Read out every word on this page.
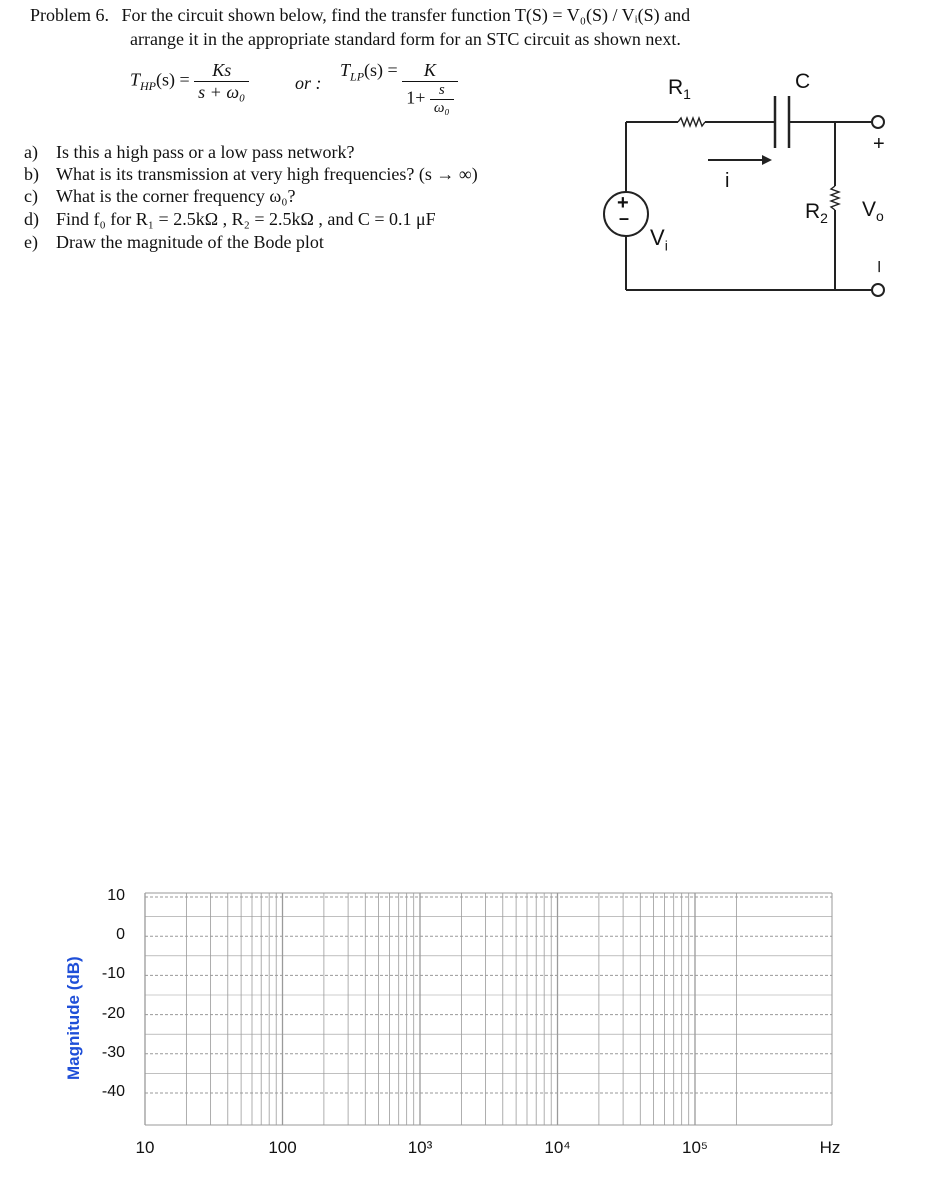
Problem 6. For the circuit shown below, find the transfer function T(S) = V₀(S) / Vᵢ(S) and
arrange it in the appropriate standard form for an STC circuit as shown next.
$T_{HP}(s) = \frac{Ks}{\text{s + ω₀}}$	or :
$T_{LP}(s) = \frac{K}{1+ \frac{s}{\text{ω₀}}}$
a) Is this a high pass or a low pass network?
b) What is its transmission at very high frequencies? (s → ∞)
c) What is the corner frequency ω₀?
d) Find f₀ for R₁ = 2.5kΩ , R₂ = 2.5kΩ , and C = 0.1 μF
e) Draw the magnitude of the Bode plot
$R_1$
C
i
$R_2$
$V_i$
+
–
+
$V_o$
–
10
0
-10
-20
-30
-40
10	100	10³	10⁴	10⁵	Hz
Magnitude (dB)
